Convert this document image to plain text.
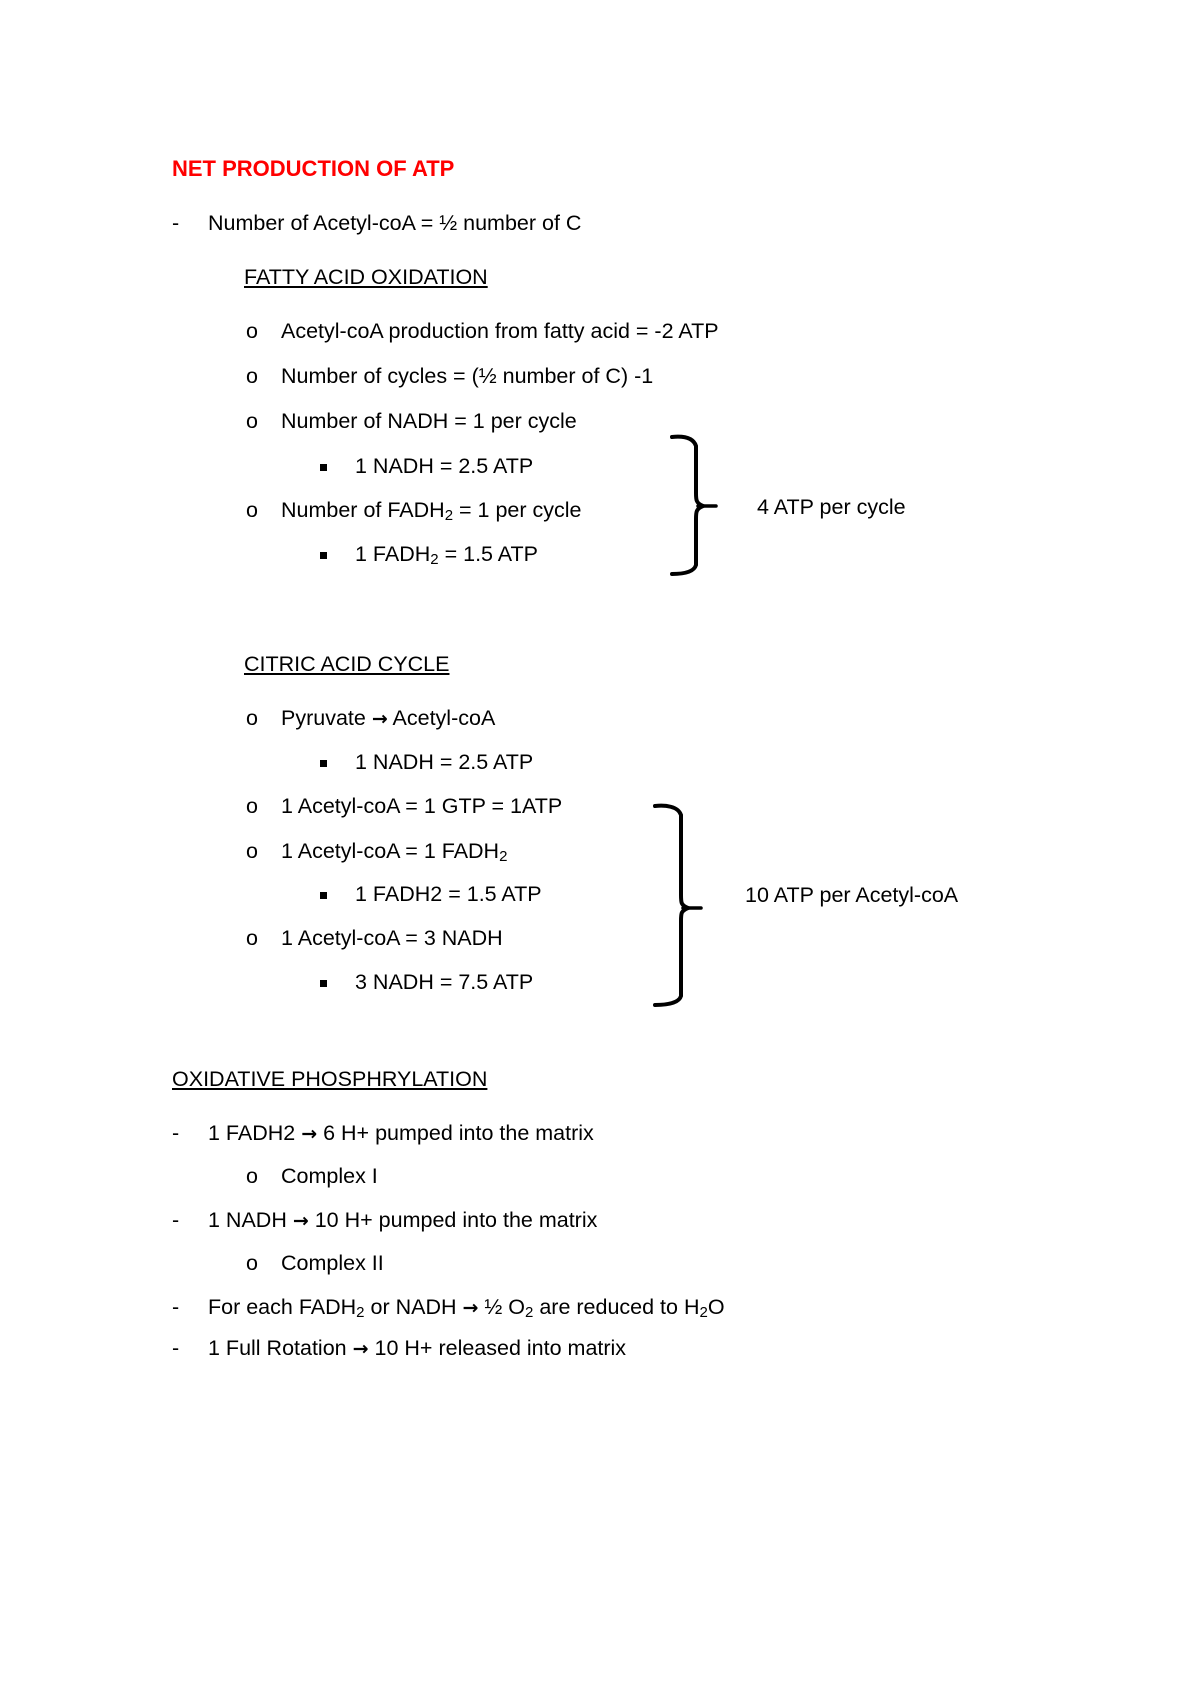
NET PRODUCTION OF ATP
- Number of Acetyl-coA = ½ number of C
FATTY ACID OXIDATION
o Acetyl-coA production from fatty acid = -2 ATP
o Number of cycles = (½ number of C) -1
o Number of NADH = 1 per cycle
1 NADH = 2.5 ATP
o Number of $FADH_2 = 1$ per cycle
1 $FADH_2 = 1.5$ ATP
4 ATP per cycle
CITRIC ACID CYCLE
o Pyruvate → Acetyl-coA
1 NADH = 2.5 ATP
o 1 Acetyl-coA = 1 GTP = 1ATP
o 1 Acetyl-coA = 1 $FADH_2$
1 FADH2 = 1.5 ATP
o 1 Acetyl-coA = 3 NADH
3 NADH = 7.5 ATP
10 ATP per Acetyl-coA
OXIDATIVE PHOSPHRYLATION
- 1 FADH2 → 6 H+ pumped into the matrix
o Complex I
- 1 NADH → 10 H+ pumped into the matrix
o Complex II
- For each $FADH_2$ or NADH → ½ $O_2$ are reduced to $H_2O$
- 1 Full Rotation → 10 H+ released into matrix
